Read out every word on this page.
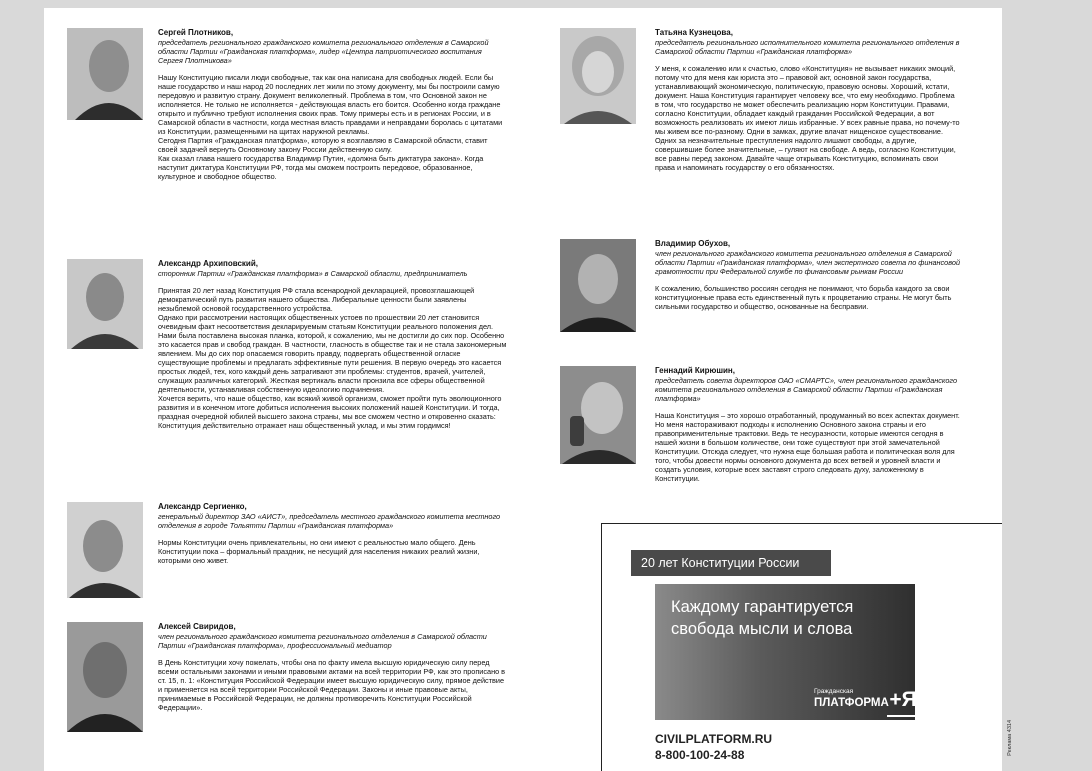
Сергей Плотников,
председатель регионального гражданского комитета регионального отделения в Самарской области Партии «Гражданская платформа», лидер «Центра патриотического воспитания Сергея Плотникова»

Нашу Конституцию писали люди свободные, так как она написана для свободных людей. Если бы наше государство и наш народ 20 последних лет жили по этому документу, мы бы построили самую передовую и развитую страну. Документ великолепный. Проблема в том, что Основной закон не исполняется. Не только не исполняется - действующая власть его боится. Особенно когда граждане открыто и публично требуют исполнения своих прав. Тому примеры есть и в регионах России, и в Самарской области в частности, когда местная власть правдами и неправдами боролась с цитатами из Конституции, размещенными на щитах наружной рекламы.

Сегодня Партия «Гражданская платформа», которую я возглавляю в Самарской области, ставит своей задачей вернуть Основному закону России действенную силу.

Как сказал глава нашего государства Владимир Путин, «должна быть диктатура закона». Когда наступит диктатура Конституции РФ, тогда мы сможем построить передовое, образованное, культурное и свободное общество.

Александр Архиповский,
сторонник Партии «Гражданская платформа» в Самарской области, предприниматель

Принятая 20 лет назад Конституция РФ стала всенародной декларацией, провозглашающей демократический путь развития нашего общества. Либеральные ценности были заявлены незыблемой основой государственного устройства.

Однако при рассмотрении настоящих общественных устоев по прошествии 20 лет становится очевидным факт несоответствия декларируемым статьям Конституции реального положения дел. Нами была поставлена высокая планка, которой, к сожалению, мы не достигли до сих пор. Особенно это касается прав и свобод граждан. В частности, гласность в обществе так и не стала закономерным явлением. Мы до сих пор опасаемся говорить правду, подвергать общественной огласке существующие проблемы и предлагать эффективные пути решения. В первую очередь это касается простых людей, тех, кого каждый день затрагивают эти проблемы: студентов, врачей, учителей, служащих различных категорий. Жесткая вертикаль власти пронзила все сферы общественной деятельности, устанавливая собственную идеологию подчинения.

Хочется верить, что наше общество, как всякий живой организм, сможет пройти путь эволюционного развития и в конечном итоге добиться исполнения высоких положений нашей Конституции. И тогда, праздная очередной юбилей высшего закона страны, мы все сможем честно и откровенно сказать: Конституция действительно отражает наш общественный уклад, и мы этим гордимся!

Александр Сергиенко,
генеральный директор ЗАО «АИСТ», председатель местного гражданского комитета местного отделения в городе Тольятти Партии «Гражданская платформа»

Нормы Конституции очень привлекательны, но они имеют с реальностью мало общего. День Конституции пока – формальный праздник, не несущий для населения никаких реалий жизни, которыми оно живет.

Алексей Свиридов,
член регионального гражданского комитета регионального отделения в Самарской области Партии «Гражданская платформа», профессиональный медиатор

В День Конституции хочу пожелать, чтобы она по факту имела высшую юридическую силу перед всеми остальными законами и иными правовыми актами на всей территории РФ, как это прописано в ст. 15, п. 1: «Конституция Российской Федерации имеет высшую юридическую силу, прямое действие и применяется на всей территории Российской Федерации. Законы и иные правовые акты, принимаемые в Российской Федерации, не должны противоречить Конституции Российской Федерации».

Татьяна Кузнецова,
председатель регионального исполнительного комитета регионального отделения в Самарской области Партии «Гражданская платформа»

У меня, к сожалению или к счастью, слово «Конституция» не вызывает никаких эмоций, потому что для меня как юриста это – правовой акт, основной закон государства, устанавливающий экономическую, политическую, правовую основы. Хороший, кстати, документ. Наша Конституция гарантирует человеку все, что ему необходимо. Проблема в том, что государство не может обеспечить реализацию норм Конституции. Правами, согласно Конституции, обладает каждый гражданин Российской Федерации, а вот возможность реализовать их имеют лишь избранные. У всех равные права, но почему-то мы живем все по-разному. Одни в замках, другие влачат нищенское существование. Одних за незначительные преступления надолго лишают свободы, а другие, совершившие более значительные, – гуляют на свободе. А ведь, согласно Конституции, все равны перед законом. Давайте чаще открывать Конституцию, вспоминать свои права и напоминать государству о его обязанностях.

Владимир Обухов,
член регионального гражданского комитета регионального отделения в Самарской области Партии «Гражданская платформа», член экспертного совета по финансовой грамотности при Федеральной службе по финансовым рынкам России

К сожалению, большинство россиян сегодня не понимают, что борьба каждого за свои конституционные права есть единственный путь к процветанию страны. Не могут быть сильными государство и общество, основанные на бесправии.

Геннадий Кирюшин,
председатель совета директоров ОАО «СМАРТС», член регионального гражданского комитета регионального отделения в Самарской области Партии «Гражданская платформа»

Наша Конституция – это хорошо отработанный, продуманный во всех аспектах документ. Но меня настораживают подходы к исполнению Основного закона страны и его правоприменительные трактовки. Ведь те несуразности, которые имеются сегодня в нашей жизни в большом количестве, они тоже существуют при этой замечательной Конституции. Отсюда следует, что нужна еще большая работа и политическая воля для того, чтобы довести нормы основного документа до всех ветвей и уровней власти и создать условия, которые всех заставят строго следовать духу, заложенному в Конституции.

20 лет Конституции России
Каждому гарантируется свобода мысли и слова
Гражданская
ПЛАТФОРМА +Я
CIVILPLATFORM.RU
8-800-100-24-88	Реклама 4314
